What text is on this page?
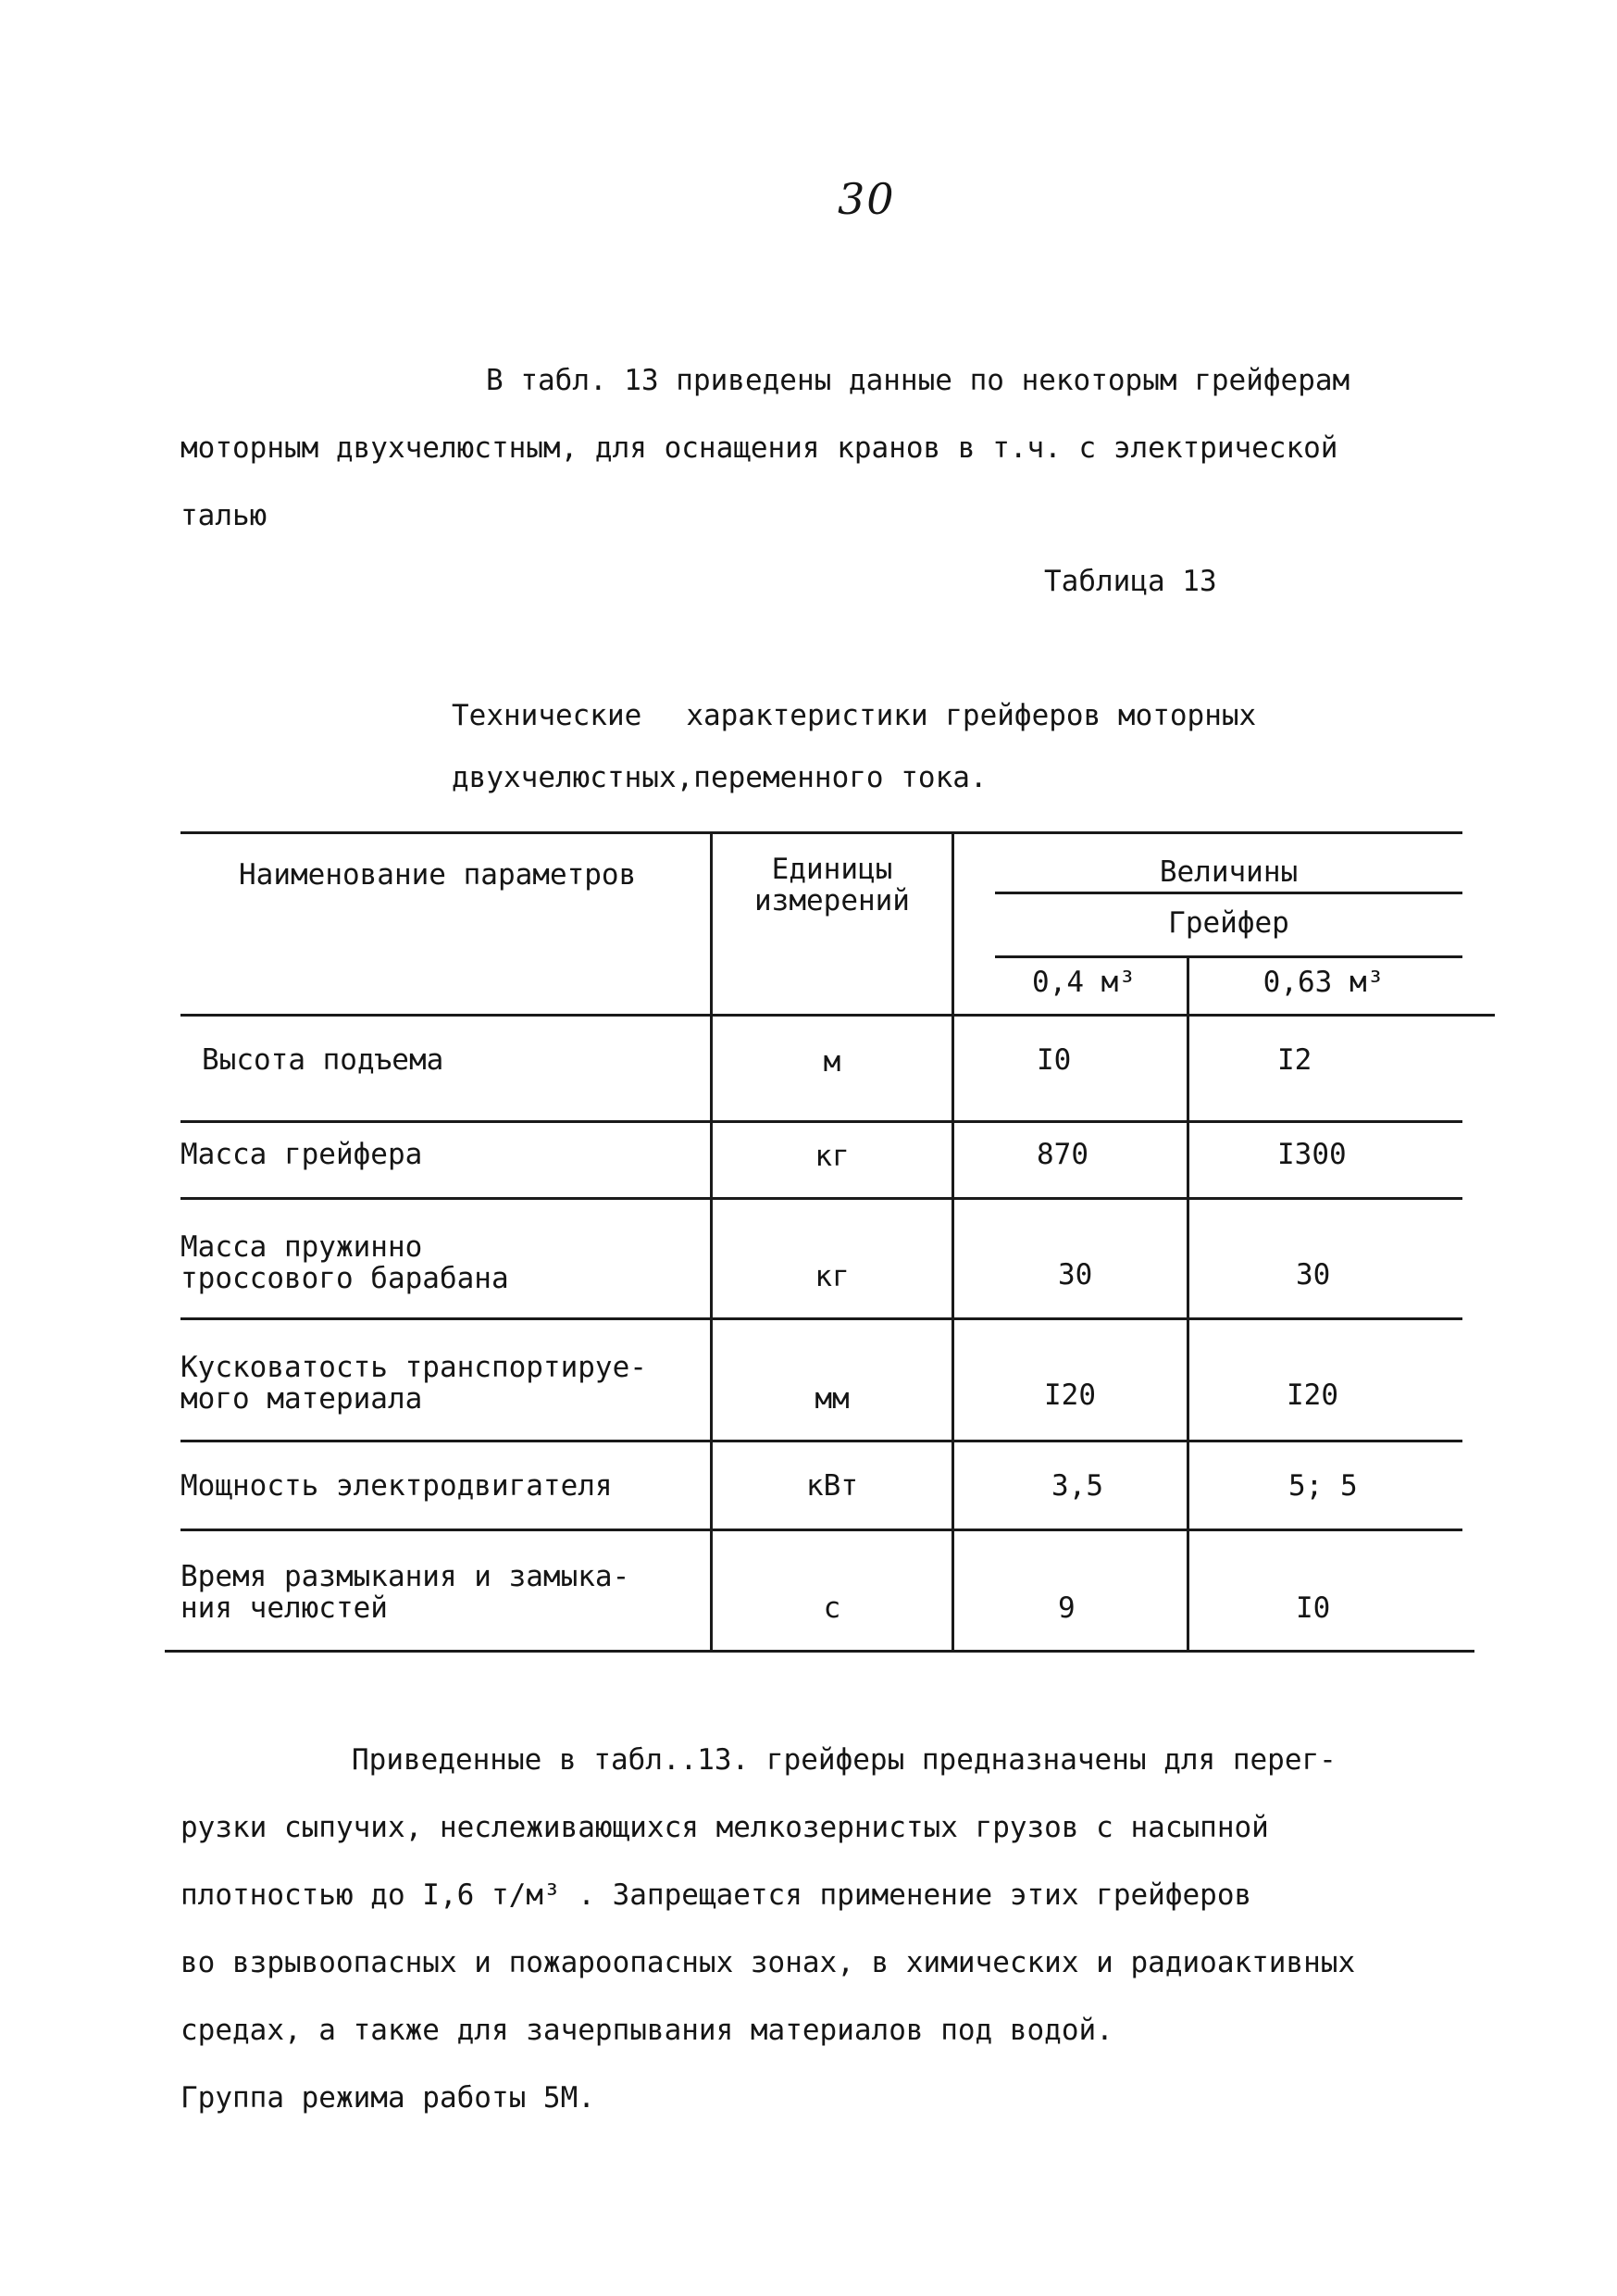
30
В табл. 13 приведены данные по некоторым грейферам
моторным двухчелюстным, для оснащения кранов в т.ч. с электрической
талью
Таблица 13
Технические характеристики грейферов моторных
двухчелюстных,переменного тока.
Наименование параметров	Единицы
измерений
Величины
Грейфер
0,4 м³	0,63 м³
Высота подъема	м	I0	I2
Масса грейфера	кг	870	I300
Масса пружинно
троссового барабана	кг	30	30
Кусковатость транспортируе-
мого материала	мм	I20	I20
Мощность электродвигателя	кВт	3,5	5; 5
Время размыкания и замыка-
ния челюстей	с	9	I0
Приведенные в табл..13. грейферы предназначены для перег-
рузки сыпучих, неслеживающихся мелкозернистых грузов с насыпной
плотностью до I,6 т/м³ . Запрещается применение этих грейферов
во взрывоопасных и пожароопасных зонах, в химических и радиоактивных
средах, а также для зачерпывания материалов под водой.
Группа режима работы 5М.
